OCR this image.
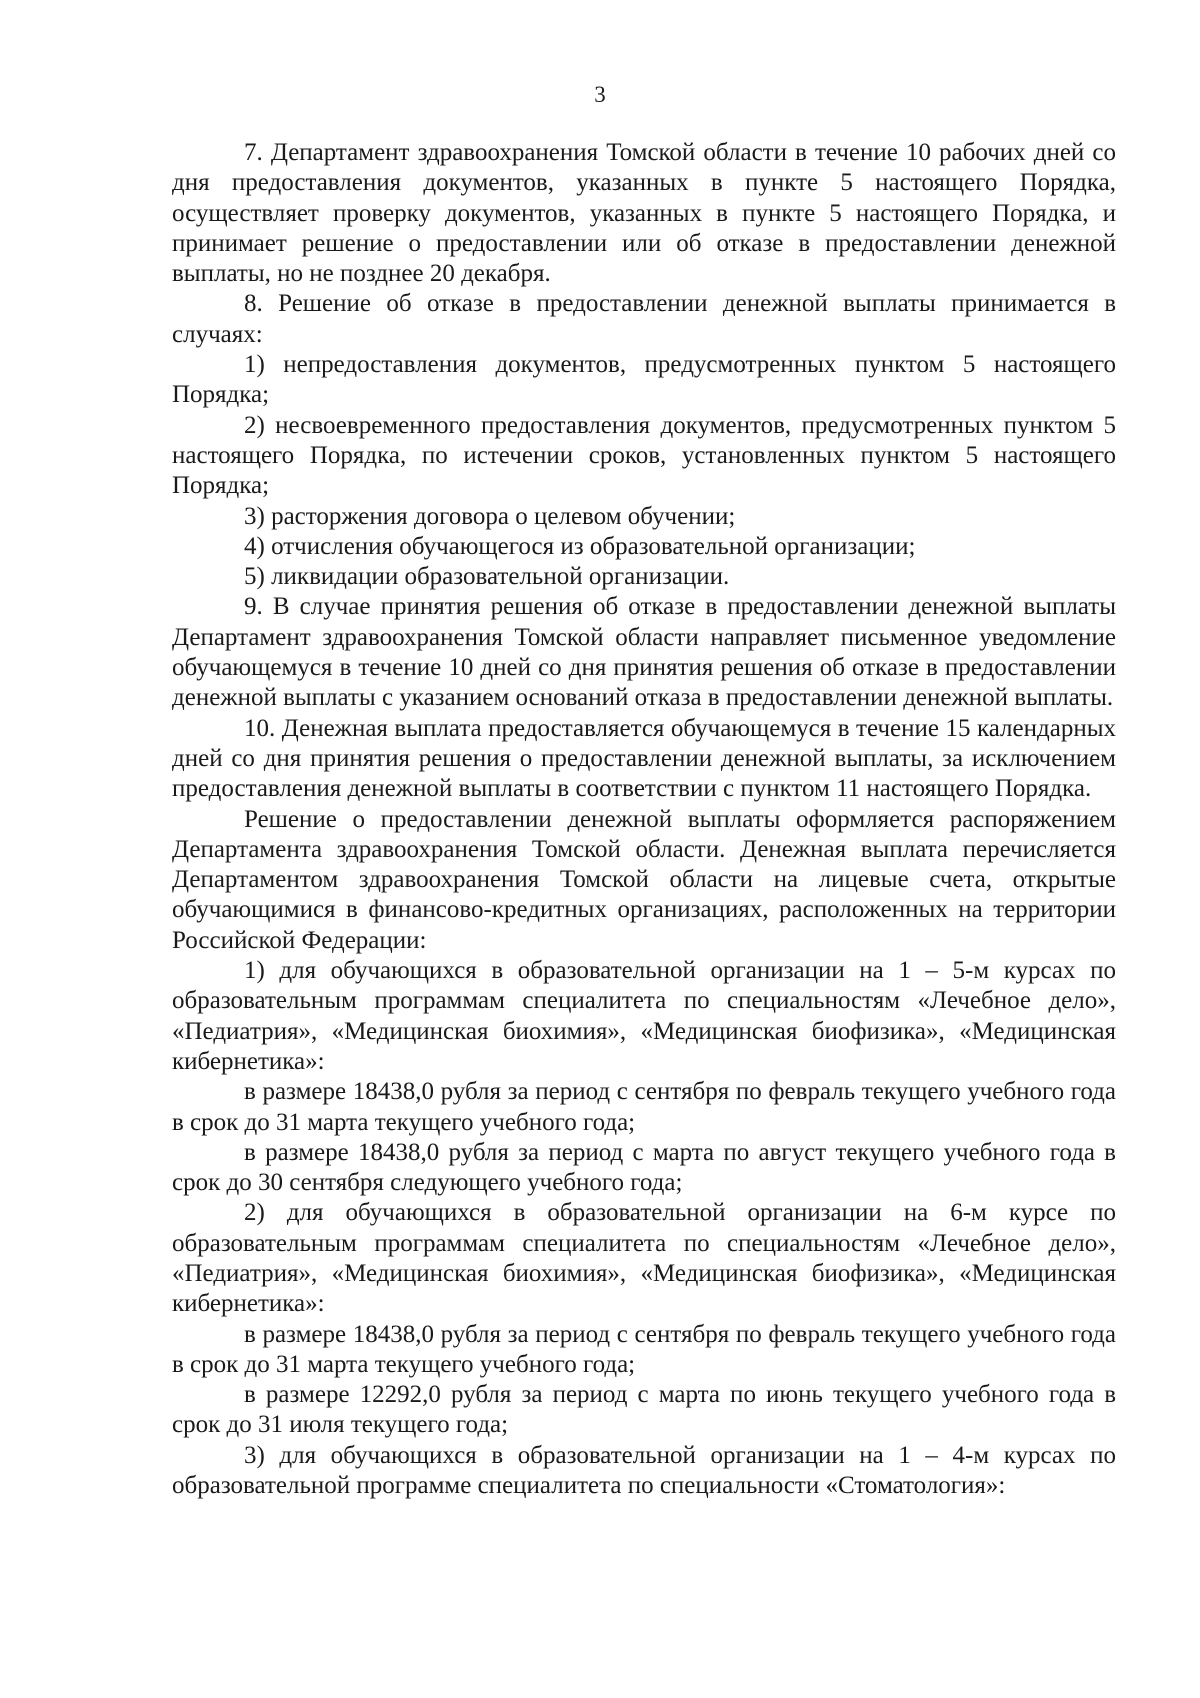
3

7. Департамент здравоохранения Томской области в течение 10 рабочих дней со дня предоставления документов, указанных в пункте 5 настоящего Порядка, осуществляет проверку документов, указанных в пункте 5 настоящего Порядка, и принимает решение о предоставлении или об отказе в предоставлении денежной выплаты, но не позднее 20 декабря.

8. Решение об отказе в предоставлении денежной выплаты принимается в случаях:

1) непредоставления документов, предусмотренных пунктом 5 настоящего Порядка;

2) несвоевременного предоставления документов, предусмотренных пунктом 5 настоящего Порядка, по истечении сроков, установленных пунктом 5 настоящего Порядка;

3) расторжения договора о целевом обучении;

4) отчисления обучающегося из образовательной организации;

5) ликвидации образовательной организации.

9. В случае принятия решения об отказе в предоставлении денежной выплаты Департамент здравоохранения Томской области направляет письменное уведомление обучающемуся в течение 10 дней со дня принятия решения об отказе в предоставлении денежной выплаты с указанием оснований отказа в предоставлении денежной выплаты.

10. Денежная выплата предоставляется обучающемуся в течение 15 календарных дней со дня принятия решения о предоставлении денежной выплаты, за исключением предоставления денежной выплаты в соответствии с пунктом 11 настоящего Порядка.

Решение о предоставлении денежной выплаты оформляется распоряжением Департамента здравоохранения Томской области. Денежная выплата перечисляется Департаментом здравоохранения Томской области на лицевые счета, открытые обучающимися в финансово-кредитных организациях, расположенных на территории Российской Федерации:

1) для обучающихся в образовательной организации на 1 – 5-м курсах по образовательным программам специалитета по специальностям «Лечебное дело», «Педиатрия», «Медицинская биохимия», «Медицинская биофизика», «Медицинская кибернетика»:

в размере 18438,0 рубля за период с сентября по февраль текущего учебного года в срок до 31 марта текущего учебного года;

в размере 18438,0 рубля за период с марта по август текущего учебного года в срок до 30 сентября следующего учебного года;

2) для обучающихся в образовательной организации на 6-м курсе по образовательным программам специалитета по специальностям «Лечебное дело», «Педиатрия», «Медицинская биохимия», «Медицинская биофизика», «Медицинская кибернетика»:

в размере 18438,0 рубля за период с сентября по февраль текущего учебного года в срок до 31 марта текущего учебного года;

в размере 12292,0 рубля за период с марта по июнь текущего учебного года в срок до 31 июля текущего года;

3) для обучающихся в образовательной организации на 1 – 4-м курсах по образовательной программе специалитета по специальности «Стоматология»:
